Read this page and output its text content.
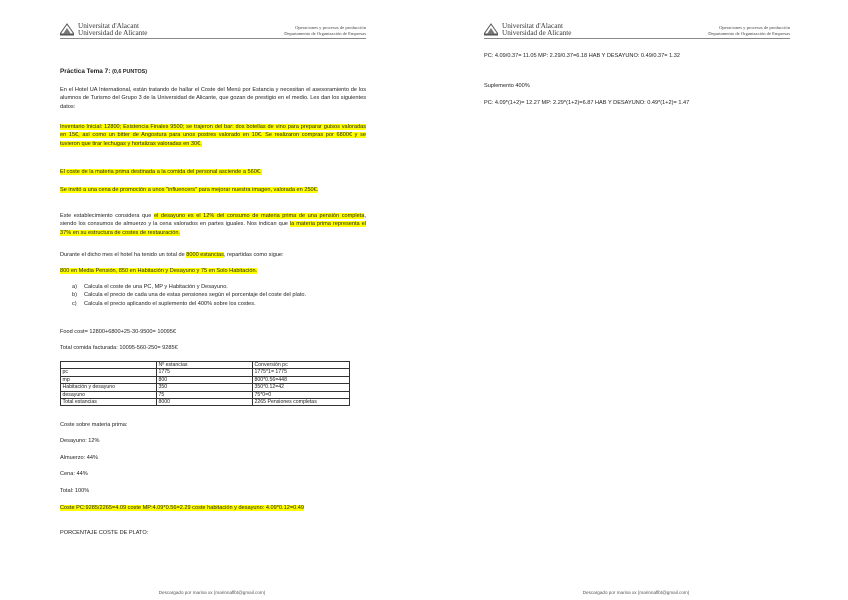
Universitat d'Alacant
Universidad de Alicante
Operaciones y procesos de producción
Departamento de Organización de Empresas
Práctica Tema 7: (0,6 PUNTOS)
En el Hotel UA International, están tratando de hallar el Coste del Menú por Estancia y necesitan el asesoramiento de los alumnos de Turismo del Grupo 3 de la Universidad de Alicante, que gozan de prestigio en el medio. Les dan los siguientes datos:
Inventario Inicial: 12800; Existencia Finales 9500; se trajeron del bar: dos botellas de vino para preparar guisos valoradas en 15€, así como un bitter de Angostura para unos postres valorado en 10€. Se realizaron compras por 6800€ y se tuvieron que tirar lechugas y hortalizas valoradas en 30€.
El coste de la materia prima destinada a la comida del personal asciende a 560€.
Se invitó a una cena de promoción a unos "influencers" para mejorar nuestra imagen, valorada en 250€.
Este establecimiento considera que el desayuno es el 12% del consumo de materia prima de una pensión completa, siendo los consumos de almuerzo y la cena valorados en partes iguales. Nos indican que la materia prima representa el 37% en su estructura de costes de restauración.
Durante el dicho mes el hotel ha tenido un total de 8000 estancias, repartidas como sigue:
800 en Media Pensión, 850 en Habitación y Desayuno y 75 en Solo Habitación.
a) Calcula el coste de una PC, MP y Habitación y Desayuno.
b) Calcula el precio de cada una de estas pensiones según el porcentaje del coste del plato.
c) Calcula el precio aplicando el suplemento del 400% sobre los costes.
Food cost= 12800+6800+25-30-9500= 10095€
Total comida facturada: 10095-560-250= 9285€
	Nº estancias	Conversión pc
pc	1775	1775*1= 1775
mp	800	800*0.56=448
Habitación y desayuno	350	350*0.12=42
desayuno	75	75*0=0
Total estancias	8000	2265 Pensiones completas
Coste sobre materia prima:
Desayuno: 12%
Almuerzo: 44%
Cena: 44%
Total: 100%
Coste PC:9285/2265=4.09 coste MP:4.09*0.56=2.29 coste habitación y desayuno: 4.09*0.12=0.49
PORCENTAJE COSTE DE PLATO:
Descargado por marina xx (marinnaflbt@gmail.com)
Universitat d'Alacant
Universidad de Alicante
Operaciones y procesos de producción
Departamento de Organización de Empresas
PC: 4.09/0.37= 11.05 MP: 2.29/0.37=6.18 HAB Y DESAYUNO: 0.49/0.37= 1.32
Suplemento 400%
PC: 4.09*(1+2)= 12.27 MP: 2.29*(1+2)=6.87 HAB Y DESAYUNO: 0.49*(1+2)= 1.47
Descargado por marina xx (marinnaflbt@gmail.com)
